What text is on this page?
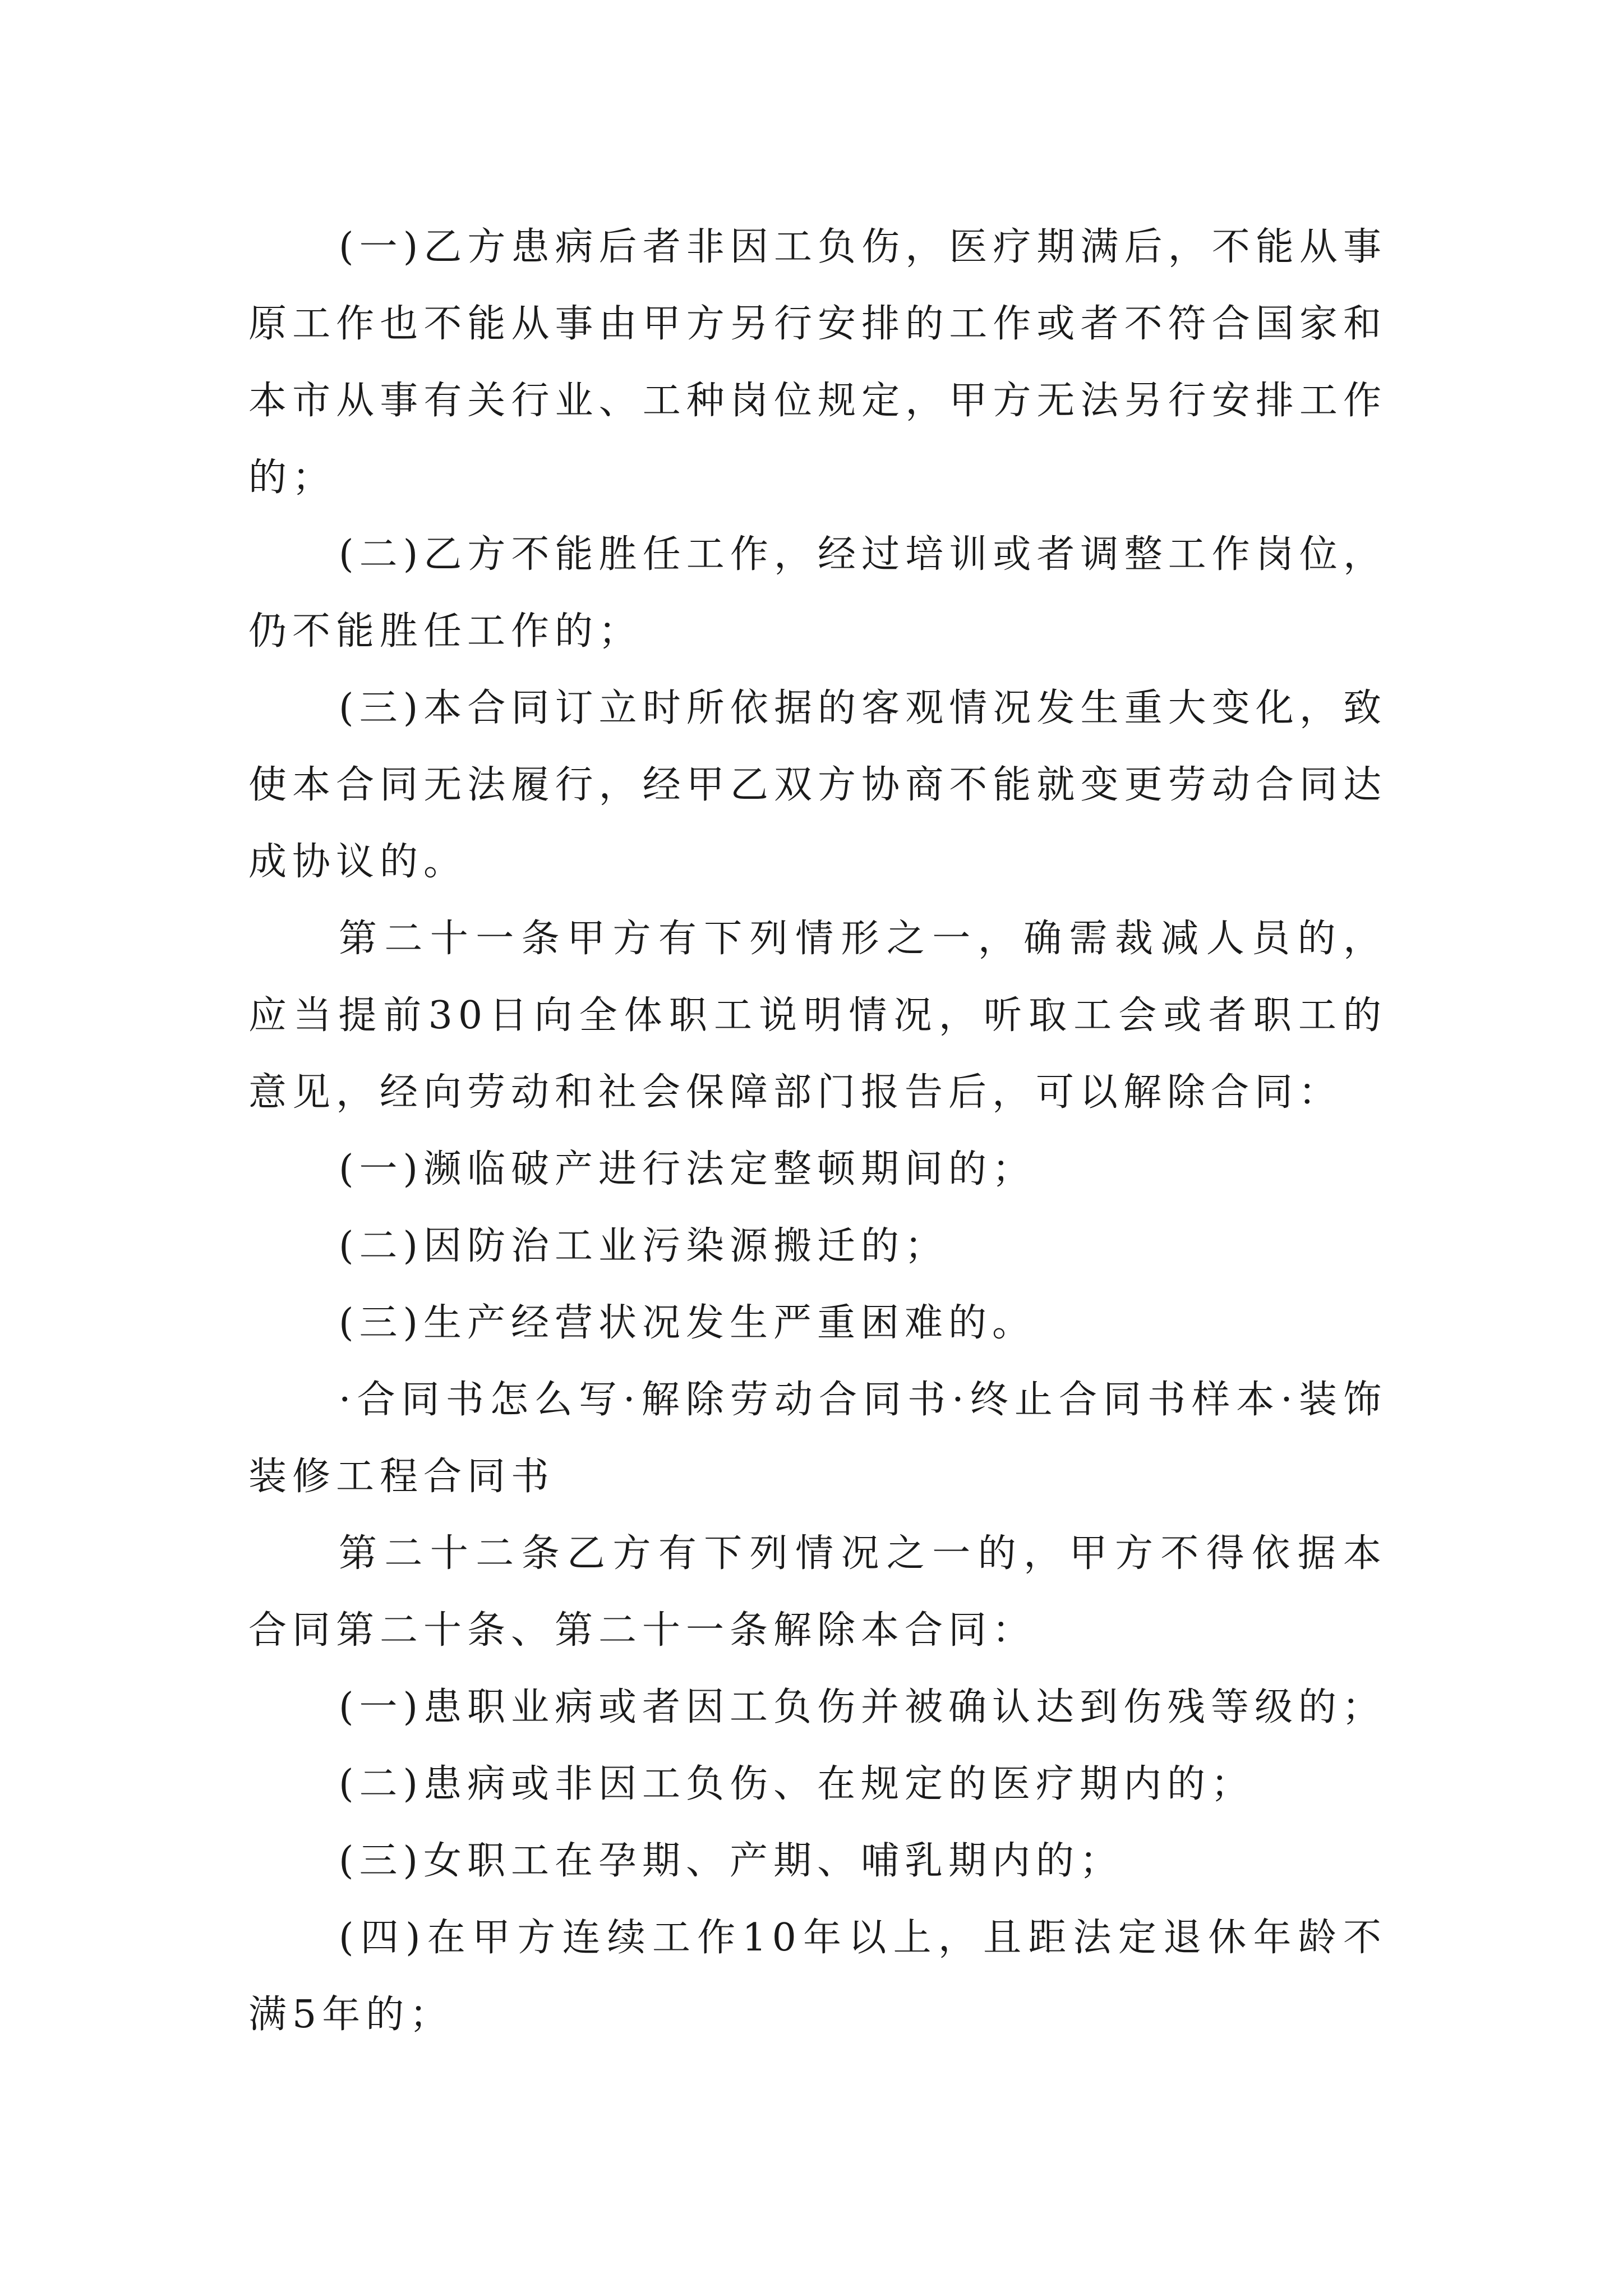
(一)乙方患病后者非因工负伤，医疗期满后，不能从事原工作也不能从事由甲方另行安排的工作或者不符合国家和本市从事有关行业、工种岗位规定，甲方无法另行安排工作的；

(二)乙方不能胜任工作，经过培训或者调整工作岗位，仍不能胜任工作的；

(三)本合同订立时所依据的客观情况发生重大变化，致使本合同无法履行，经甲乙双方协商不能就变更劳动合同达成协议的。

第二十一条甲方有下列情形之一，确需裁减人员的，应当提前30日向全体职工说明情况，听取工会或者职工的意见，经向劳动和社会保障部门报告后，可以解除合同：

(一)濒临破产进行法定整顿期间的；

(二)因防治工业污染源搬迁的；

(三)生产经营状况发生严重困难的。

·合同书怎么写·解除劳动合同书·终止合同书样本·装饰装修工程合同书

第二十二条乙方有下列情况之一的，甲方不得依据本合同第二十条、第二十一条解除本合同：

(一)患职业病或者因工负伤并被确认达到伤残等级的；

(二)患病或非因工负伤、在规定的医疗期内的；

(三)女职工在孕期、产期、哺乳期内的；

(四)在甲方连续工作10年以上，且距法定退休年龄不满5年的；
